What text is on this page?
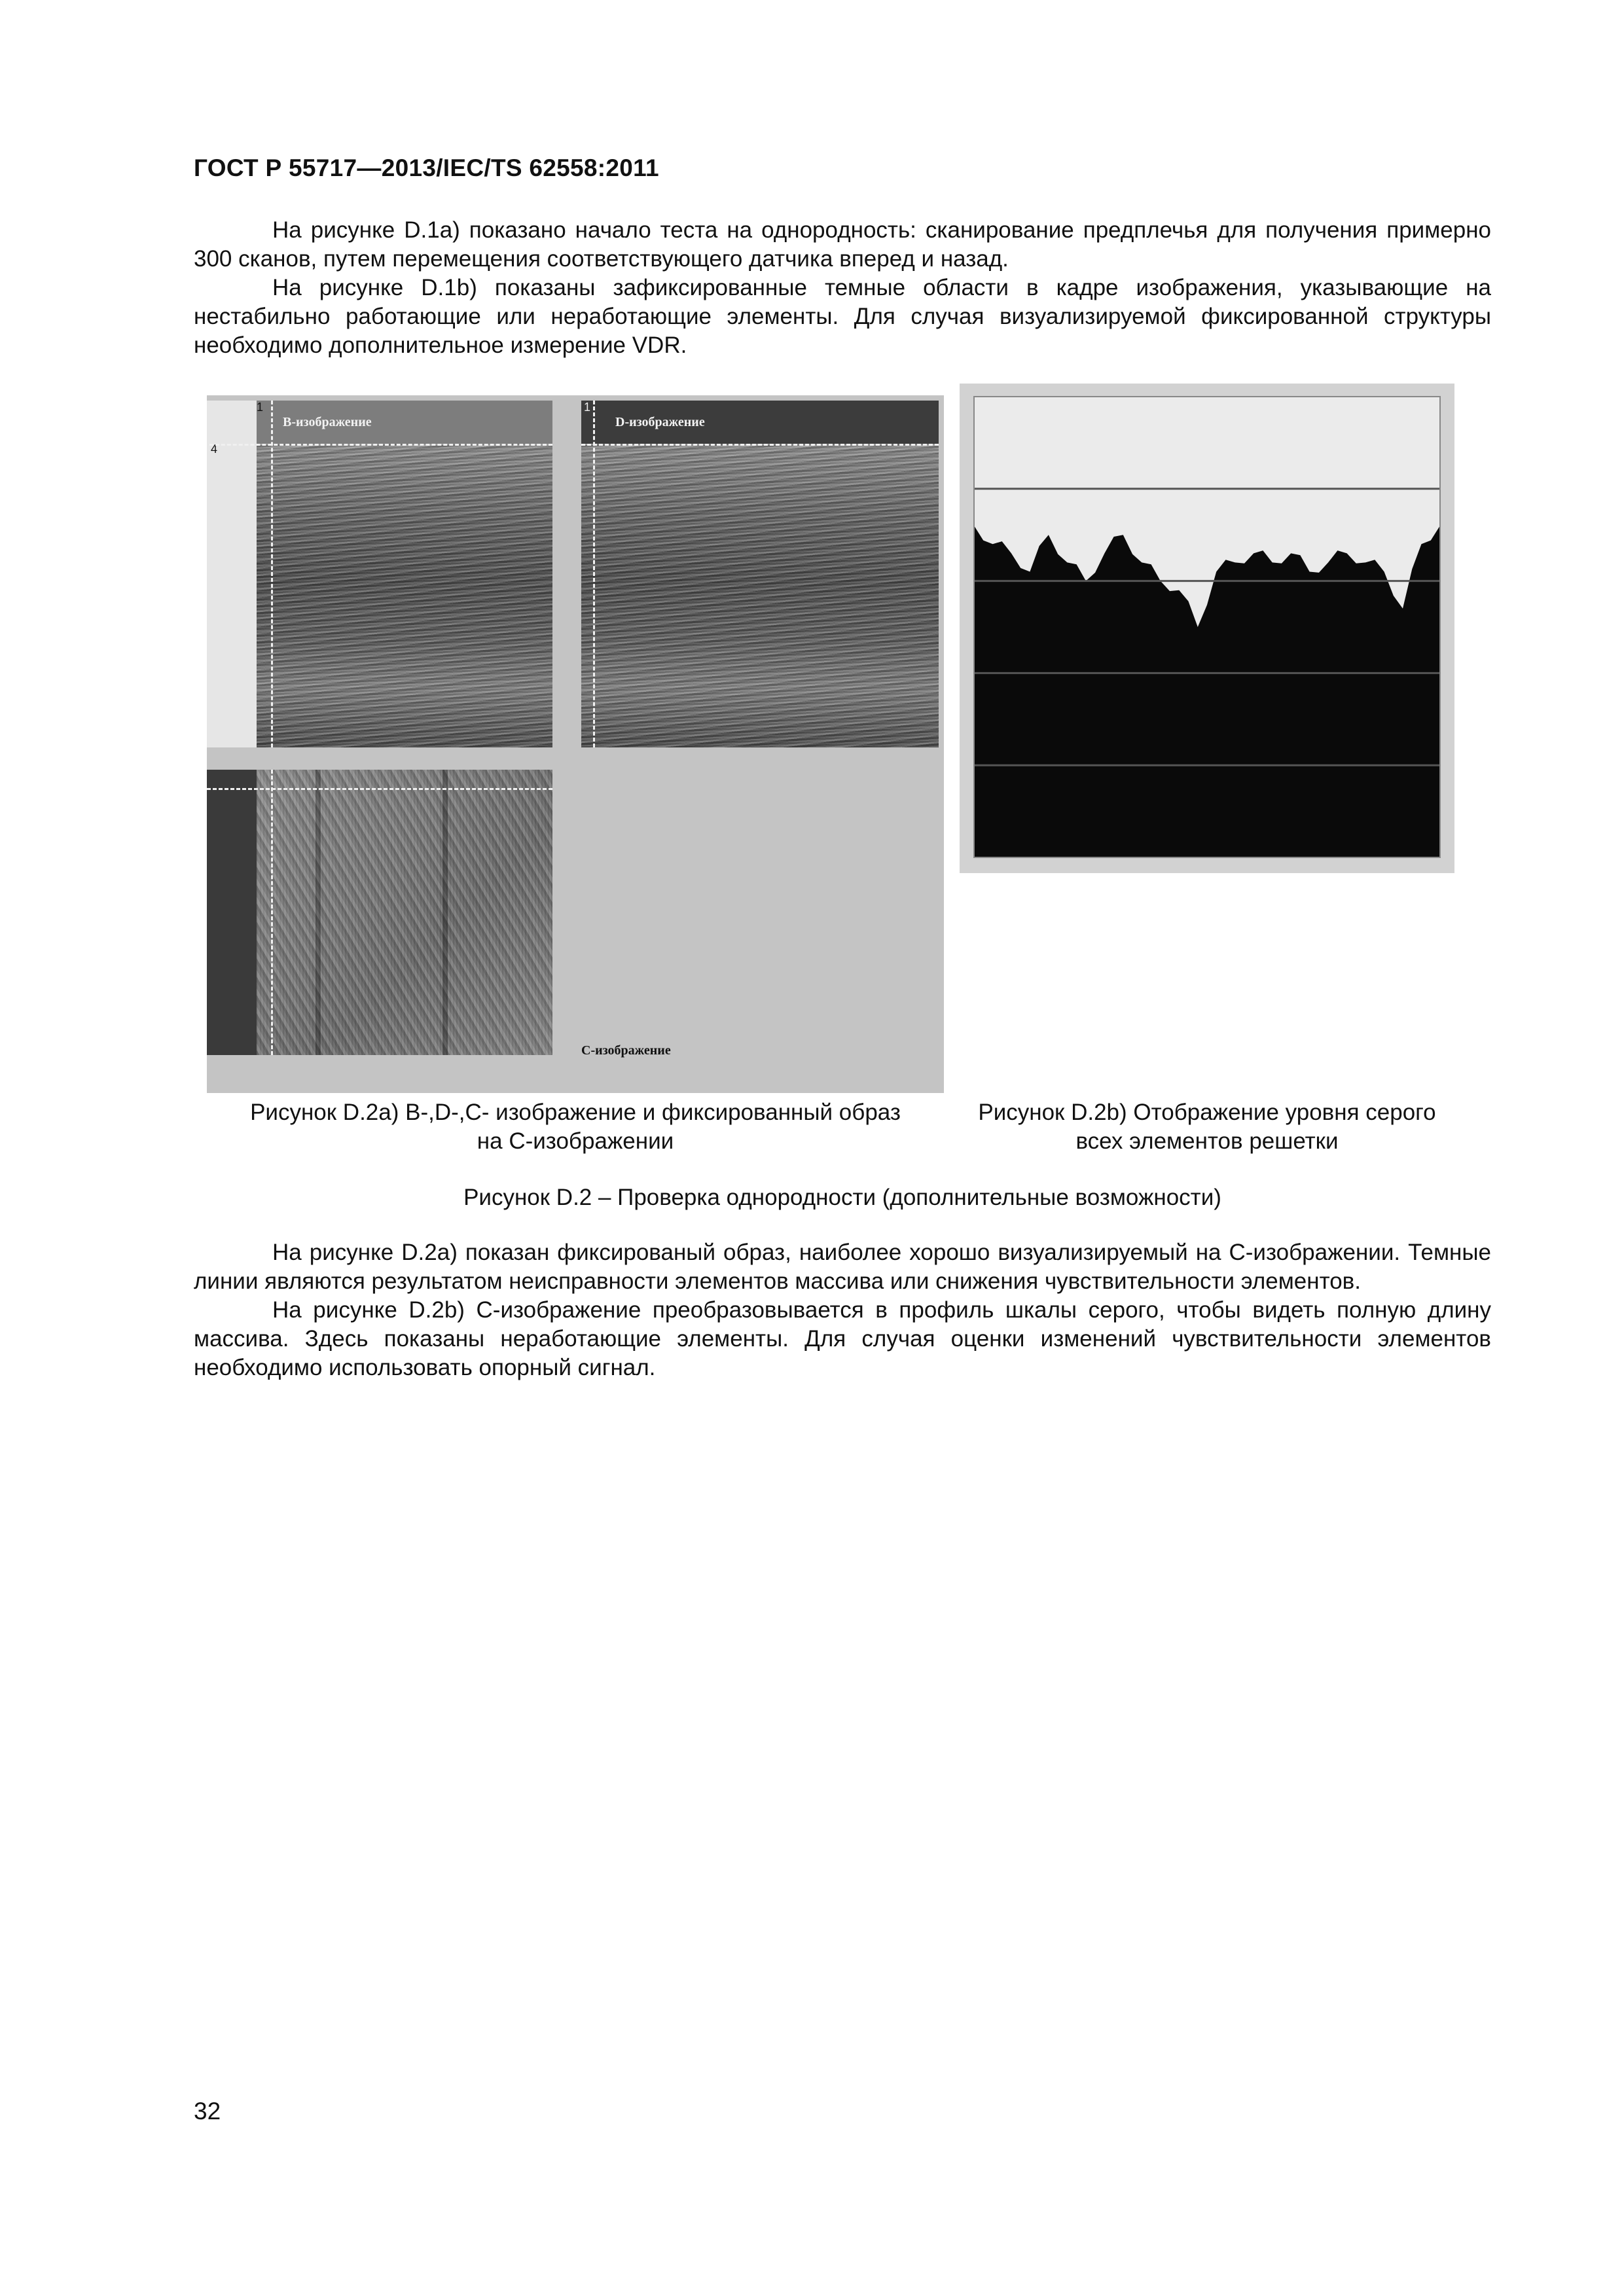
ГОСТ Р 55717—2013/IEC/TS 62558:2011

На рисунке D.1a) показано начало теста на однородность: сканирование предплечья для получения примерно 300 сканов, путем перемещения соответствующего датчика вперед и назад.

На рисунке D.1b) показаны зафиксированные темные области в кадре изображения, указывающие на нестабильно работающие или неработающие элементы. Для случая визуализируемой фиксированной структуры необходимо дополнительное измерение VDR.

B-изображение
1
4
D-изображение
1
C-изображение
Рисунок D.2a) B-,D-,C- изображение и фиксированный образ
на C-изображении
Рисунок D.2b) Отображение уровня серого
всех элементов решетки
Рисунок D.2 – Проверка однородности (дополнительные возможности)

На рисунке D.2a) показан фиксированый образ, наиболее хорошо визуализируемый на C-изображении. Темные линии являются результатом неисправности элементов массива или снижения чувствительности элементов.

На рисунке D.2b) C-изображение преобразовывается в профиль шкалы серого, чтобы видеть полную длину массива. Здесь показаны неработающие элементы. Для случая оценки изменений чувствительности элементов необходимо использовать опорный сигнал.

32
